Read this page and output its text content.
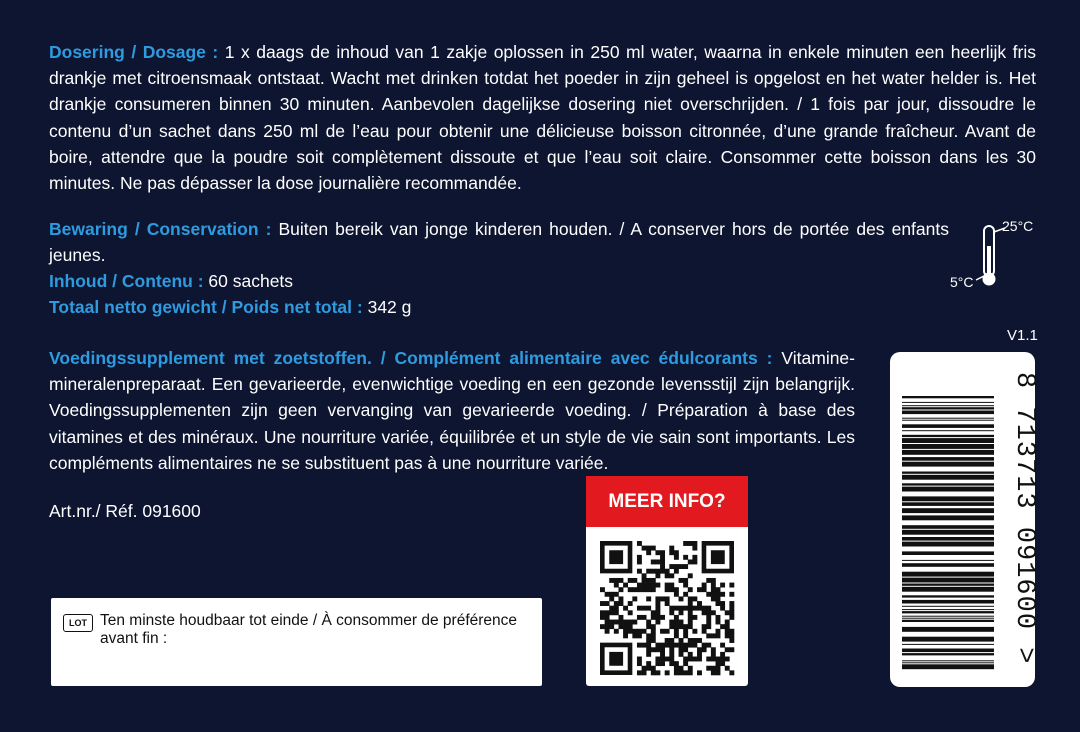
Dosering / Dosage : 1 x daags de inhoud van 1 zakje oplossen in 250 ml water, waarna in enkele minuten een heerlijk fris drankje met citroensmaak ontstaat. Wacht met drinken totdat het poeder in zijn geheel is opgelost en het water helder is. Het drankje consumeren binnen 30 minuten. Aanbevolen dagelijkse dosering niet overschrijden. / 1 fois par jour, dissoudre le contenu d’un sachet dans 250 ml de l’eau pour obtenir une délicieuse boisson citronnée, d’une grande fraîcheur. Avant de boire, attendre que la poudre soit complètement dissoute et que l’eau soit claire. Consommer cette boisson dans les 30 minutes. Ne pas dépasser la dose journalière recommandée.
Bewaring / Conservation : Buiten bereik van jonge kinderen houden. / A conserver hors de portée des enfants jeunes.
25°C
5°C
Inhoud / Contenu : 60 sachets
Totaal netto gewicht / Poids net total : 342 g
Voedingssupplement met zoetstoffen. / Complément alimentaire avec édulcorants : Vitamine-mineralenpreparaat. Een gevarieerde, evenwichtige voeding en een gezonde levensstijl zijn belangrijk. Voedingssupplementen zijn geen vervanging van gevarieerde voeding. / Préparation à base des vitamines et des minéraux. Une nourriture variée, équilibrée et un style de vie sain sont importants. Les compléments alimentaires ne se substituent pas à une nourriture variée.
Art.nr./ Réf. 091600
V1.1
LOT Ten minste houdbaar tot einde / À consommer de préférence avant fin :
MEER INFO?	8 713713 091600 >
